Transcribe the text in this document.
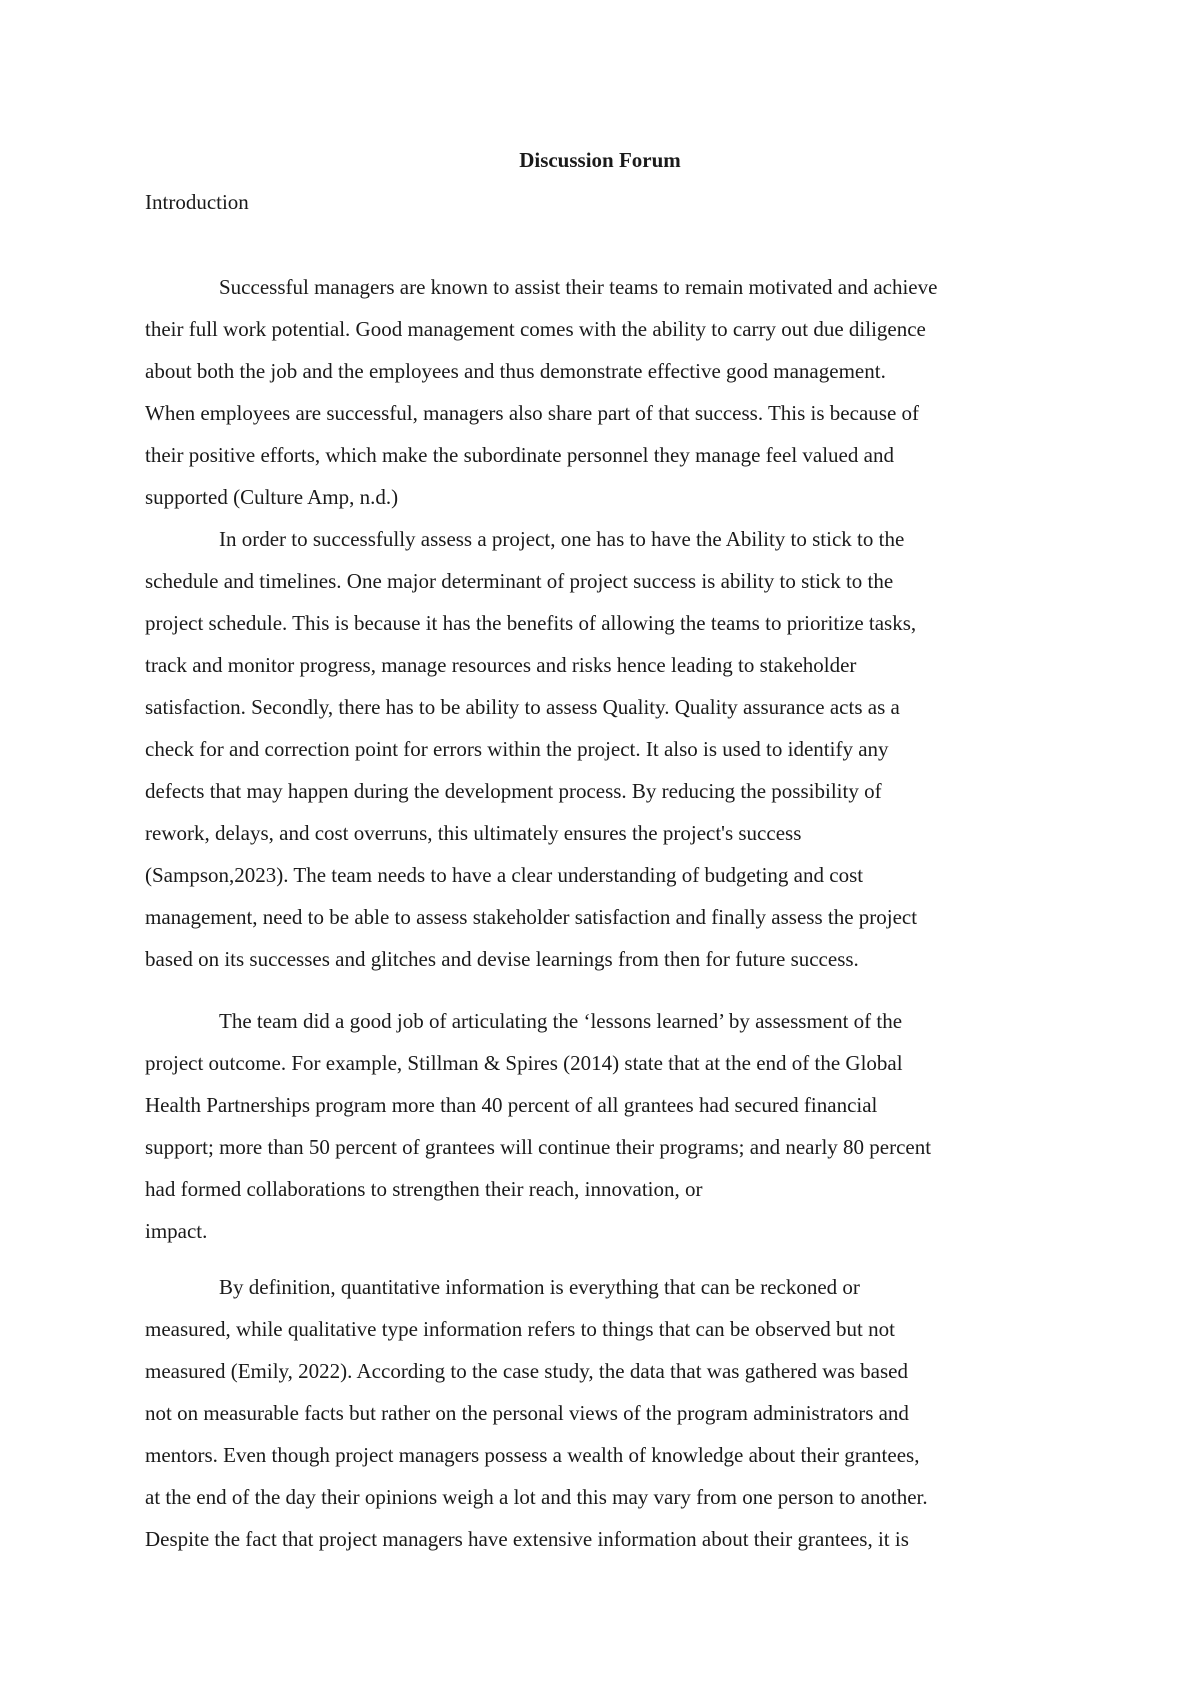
Discussion Forum
Introduction
Successful managers are known to assist their teams to remain motivated and achieve
their full work potential. Good management comes with the ability to carry out due diligence
about both the job and the employees and thus demonstrate effective good management.
When employees are successful, managers also share part of that success. This is because of
their positive efforts, which make the subordinate personnel they manage feel valued and
supported (Culture Amp, n.d.)
In order to successfully assess a project, one has to have the Ability to stick to the
schedule and timelines. One major determinant of project success is ability to stick to the
project schedule. This is because it has the benefits of allowing the teams to prioritize tasks,
track and monitor progress, manage resources and risks hence leading to stakeholder
satisfaction. Secondly, there has to be ability to assess Quality. Quality assurance acts as a
check for and correction point for errors within the project. It also is used to identify any
defects that may happen during the development process. By reducing the possibility of
rework, delays, and cost overruns, this ultimately ensures the project's success
(Sampson,2023). The team needs to have a clear understanding of budgeting and cost
management, need to be able to assess stakeholder satisfaction and finally assess the project
based on its successes and glitches and devise learnings from then for future success.
The team did a good job of articulating the ‘lessons learned’ by assessment of the
project outcome. For example, Stillman & Spires (2014) state that at the end of the Global
Health Partnerships program more than 40 percent of all grantees had secured financial
support; more than 50 percent of grantees will continue their programs; and nearly 80 percent
had formed collaborations to strengthen their reach, innovation, or
impact.
By definition, quantitative information is everything that can be reckoned or
measured, while qualitative type information refers to things that can be observed but not
measured (Emily, 2022). According to the case study, the data that was gathered was based
not on measurable facts but rather on the personal views of the program administrators and
mentors. Even though project managers possess a wealth of knowledge about their grantees,
at the end of the day their opinions weigh a lot and this may vary from one person to another.
Despite the fact that project managers have extensive information about their grantees, it is
